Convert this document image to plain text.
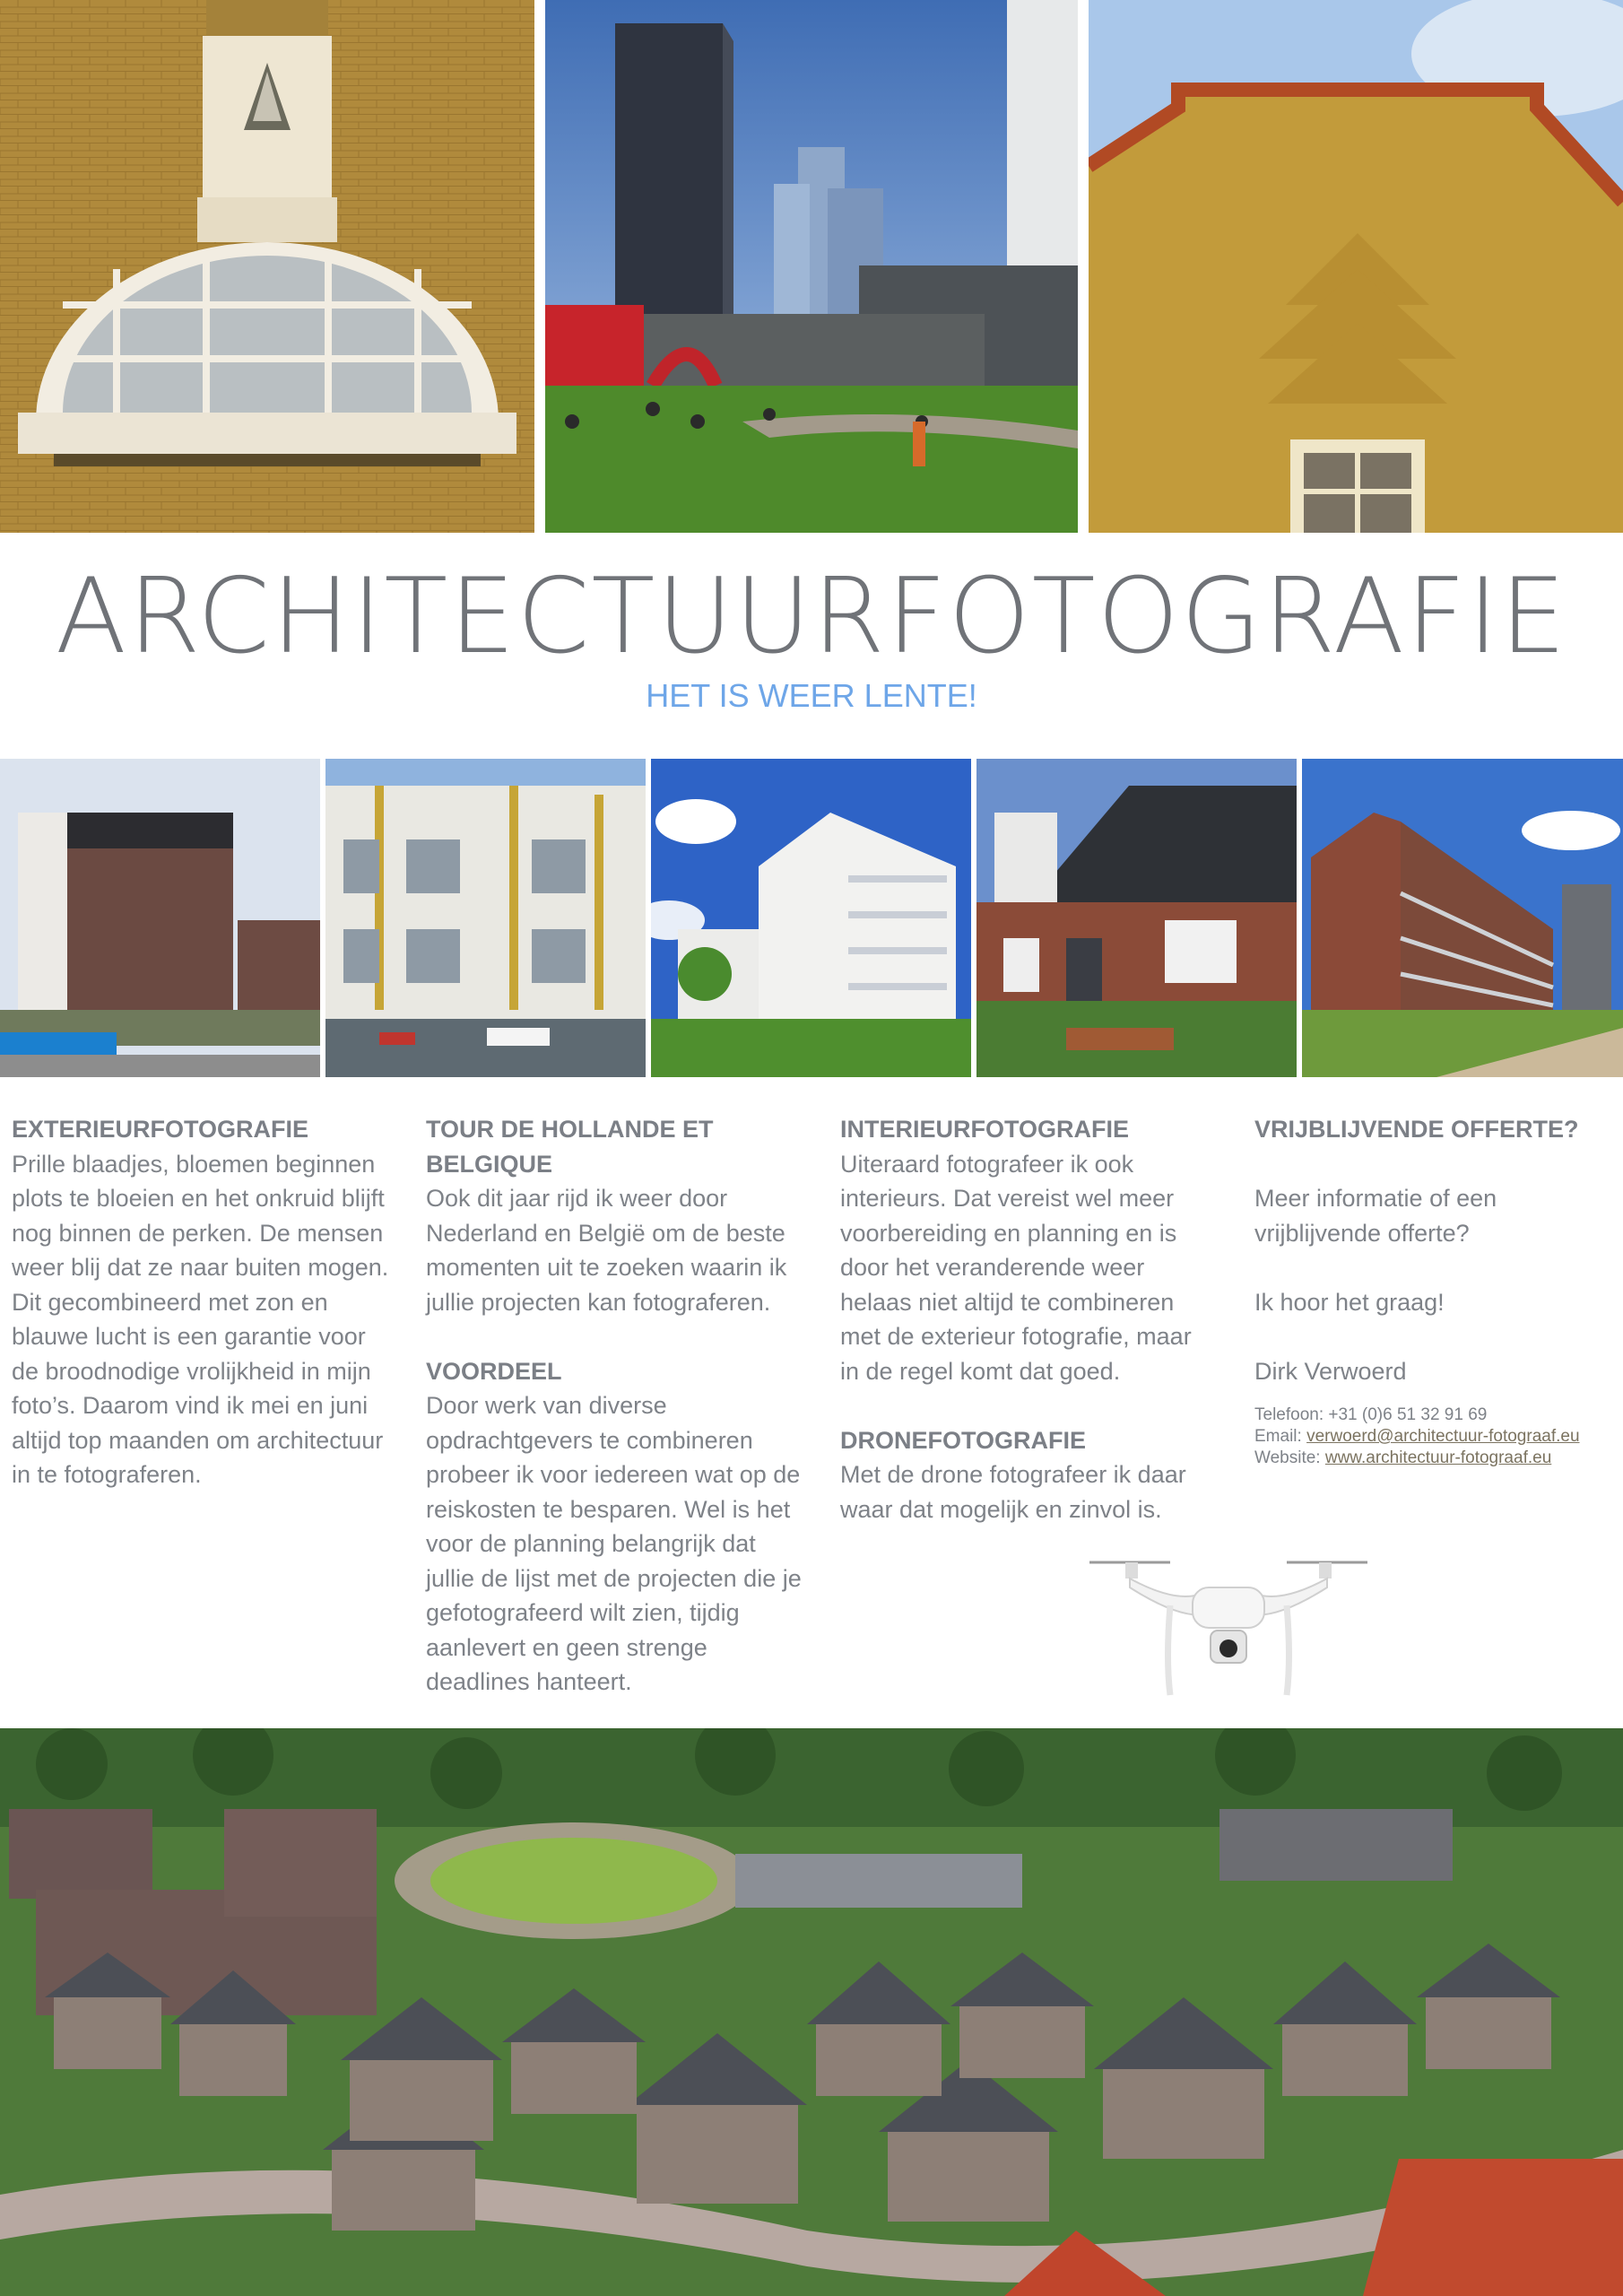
ARCHITECTUURFOTOGRAFIE
HET IS WEER LENTE!
EXTERIEURFOTOGRAFIE

Prille blaadjes, bloemen beginnen plots te bloeien en het onkruid blijft nog binnen de perken. De mensen weer blij dat ze naar buiten mogen. Dit gecombineerd met zon en blauwe lucht is een garantie voor de broodnodige vrolijkheid in mijn foto’s. Daarom vind ik mei en juni altijd top maanden om architectuur in te fotograferen.

TOUR DE HOLLANDE ET BELGIQUE

Ook dit jaar rijd ik weer door Nederland en België om de beste momenten uit te zoeken waarin ik jullie projecten kan fotograferen.

VOORDEEL

Door werk van diverse opdrachtgevers te combineren probeer ik voor iedereen wat op de reiskosten te besparen. Wel is het voor de planning belangrijk dat jullie de lijst met de projecten die je gefotografeerd wilt zien, tijdig aanlevert en geen strenge deadlines hanteert.

INTERIEURFOTOGRAFIE

Uiteraard fotografeer ik ook interieurs. Dat vereist wel meer voorbereiding en planning en is door het veranderende weer helaas niet altijd te combineren met de exterieur fotografie, maar in de regel komt dat goed.

DRONEFOTOGRAFIE

Met de drone fotografeer ik daar waar dat mogelijk en zinvol is.

VRIJBLIJVENDE OFFERTE?

Meer informatie of een vrijblijvende offerte?

Ik hoor het graag!

Dirk Verwoerd

Telefoon: +31 (0)6 51 32 91 69
Email: verwoerd@architectuur-fotograaf.eu
Website: www.architectuur-fotograaf.eu
